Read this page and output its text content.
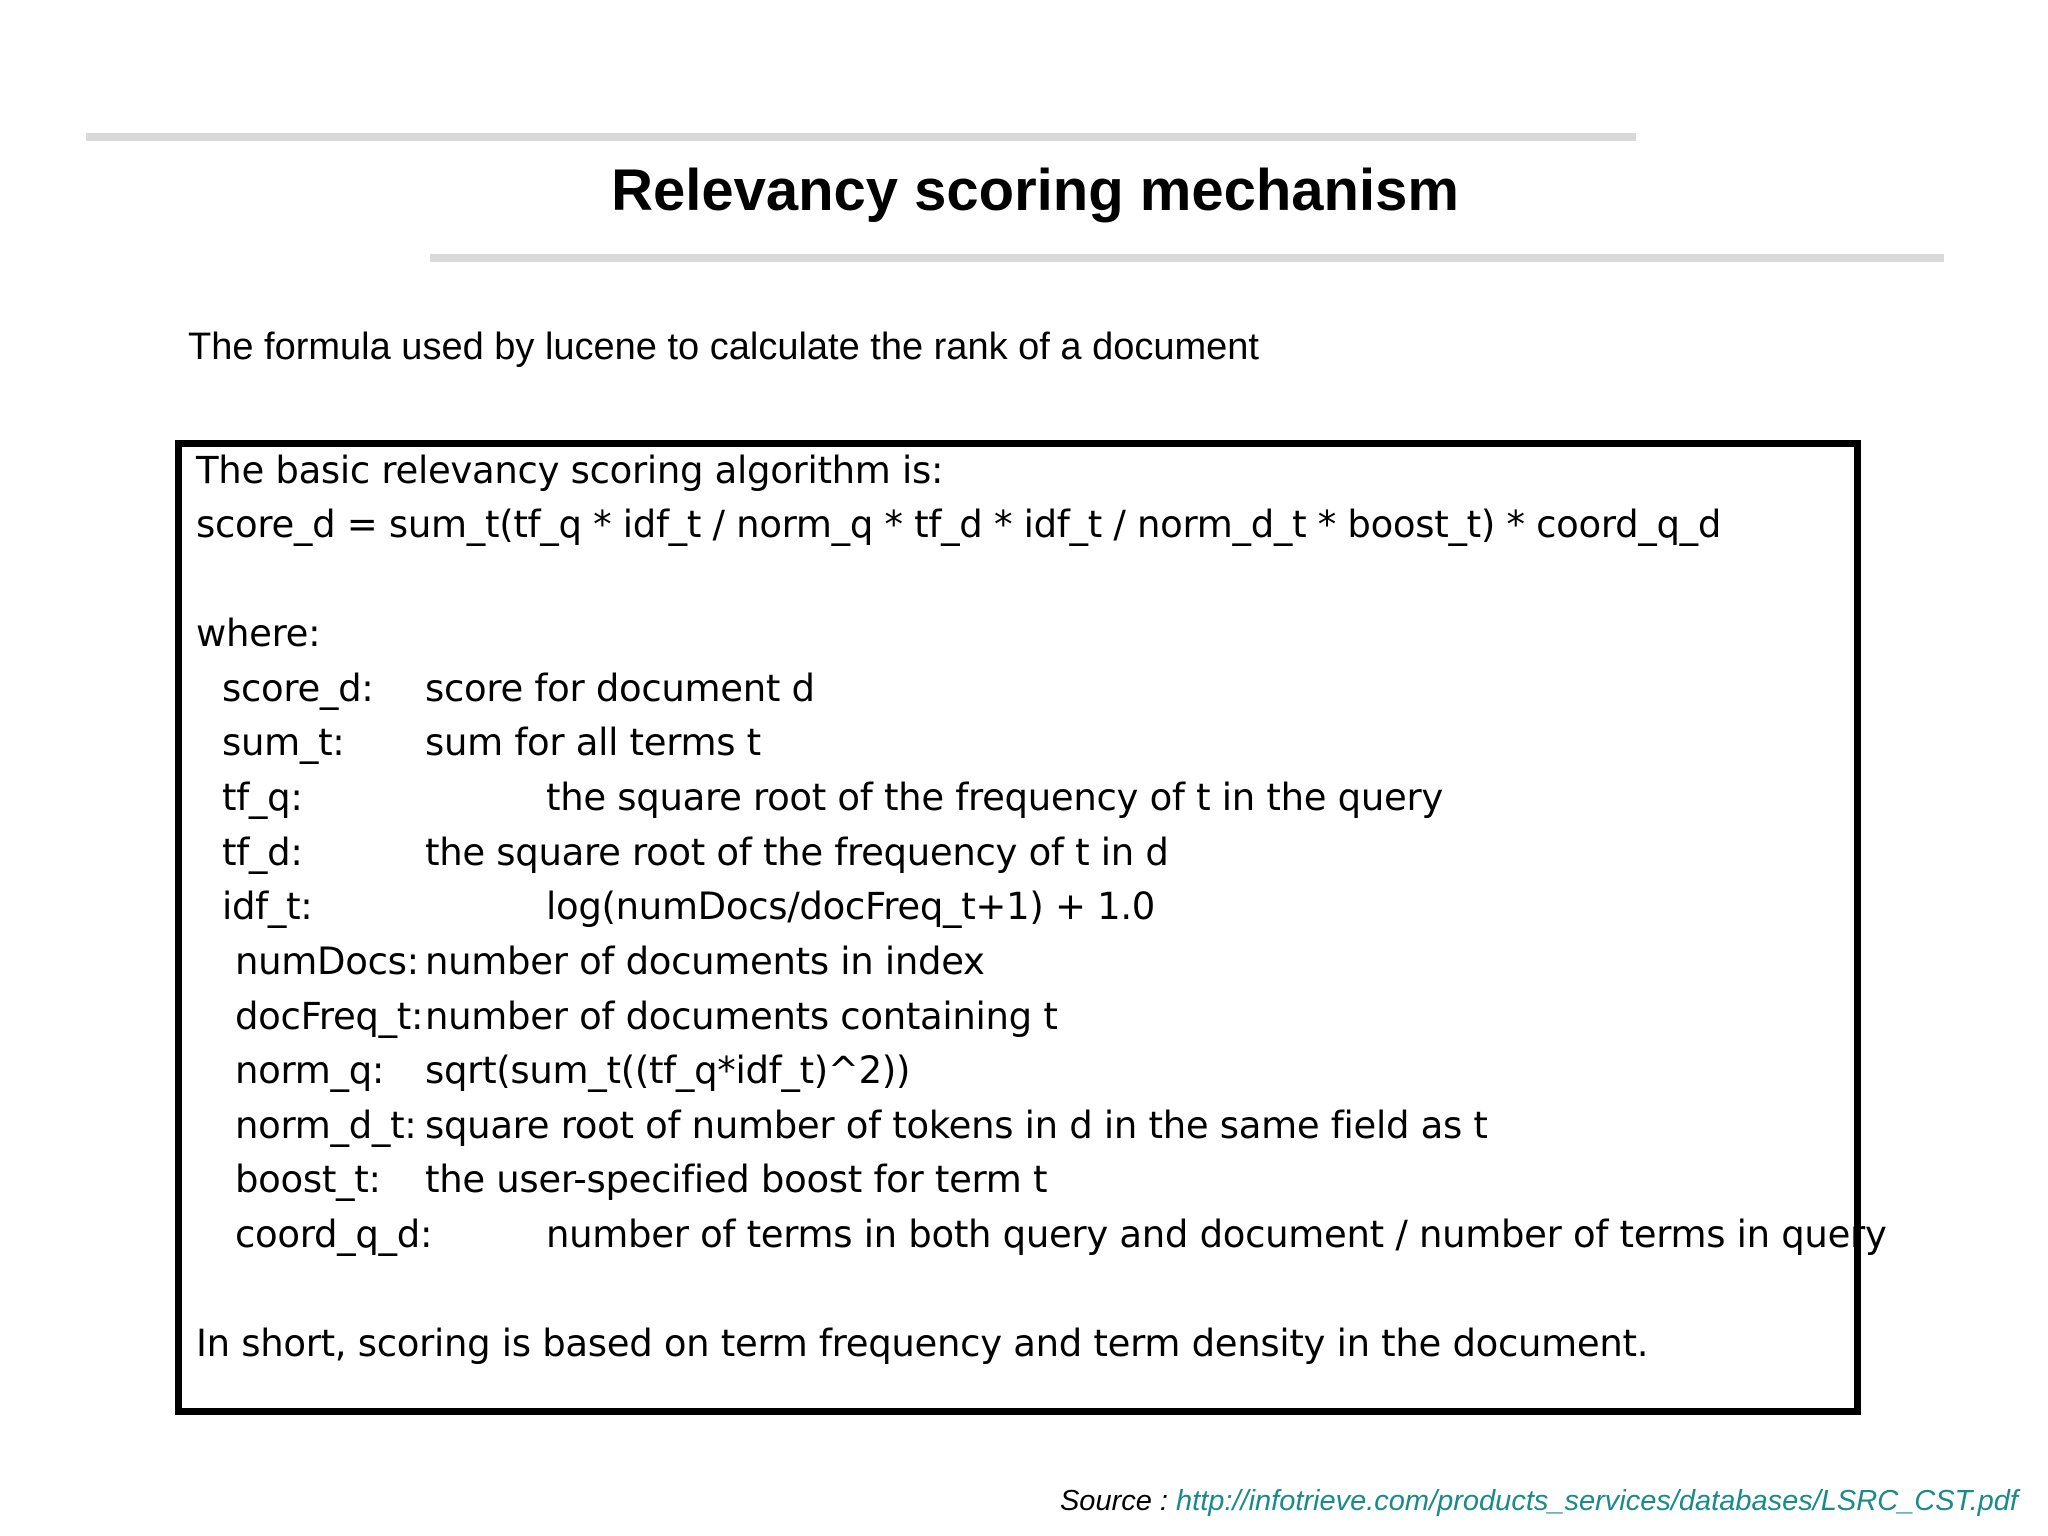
Relevancy scoring mechanism
The formula used by lucene to calculate the rank of a document
The basic relevancy scoring algorithm is:
score_d = sum_t(tf_q * idf_t / norm_q * tf_d * idf_t / norm_d_t * boost_t) * coord_q_d
where:
score_d: score for document d
sum_t: sum for all terms t
tf_q:	the square root of the frequency of t in the query
tf_d:	the square root of the frequency of t in d
idf_t:	log(numDocs/docFreq_t+1) + 1.0
numDocs: number of documents in index
docFreq_t: number of documents containing t
norm_q: sqrt(sum_t((tf_q*idf_t)^2))
norm_d_t: square root of number of tokens in d in the same field as t
boost_t: the user-specified boost for term t
coord_q_d:	number of terms in both query and document / number of terms in query
In short, scoring is based on term frequency and term density in the document.
Source : http://infotrieve.com/products_services/databases/LSRC_CST.pdf
